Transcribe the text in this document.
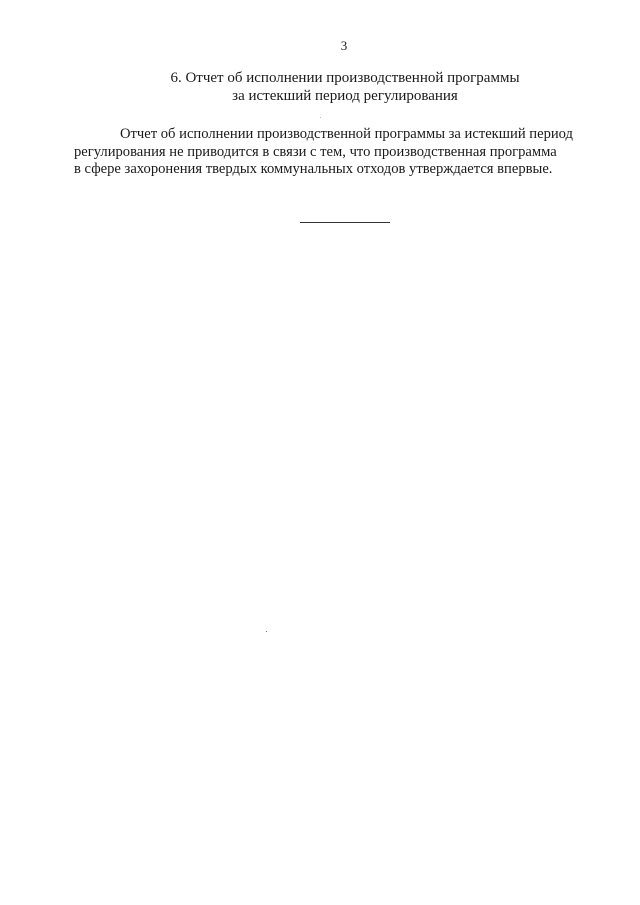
3
6. Отчет об исполнении производственной программы
за истекший период регулирования
Отчет об исполнении производственной программы за истекший период
регулирования не приводится в связи с тем, что производственная программа
в сфере захоронения твердых коммунальных отходов утверждается впервые.
